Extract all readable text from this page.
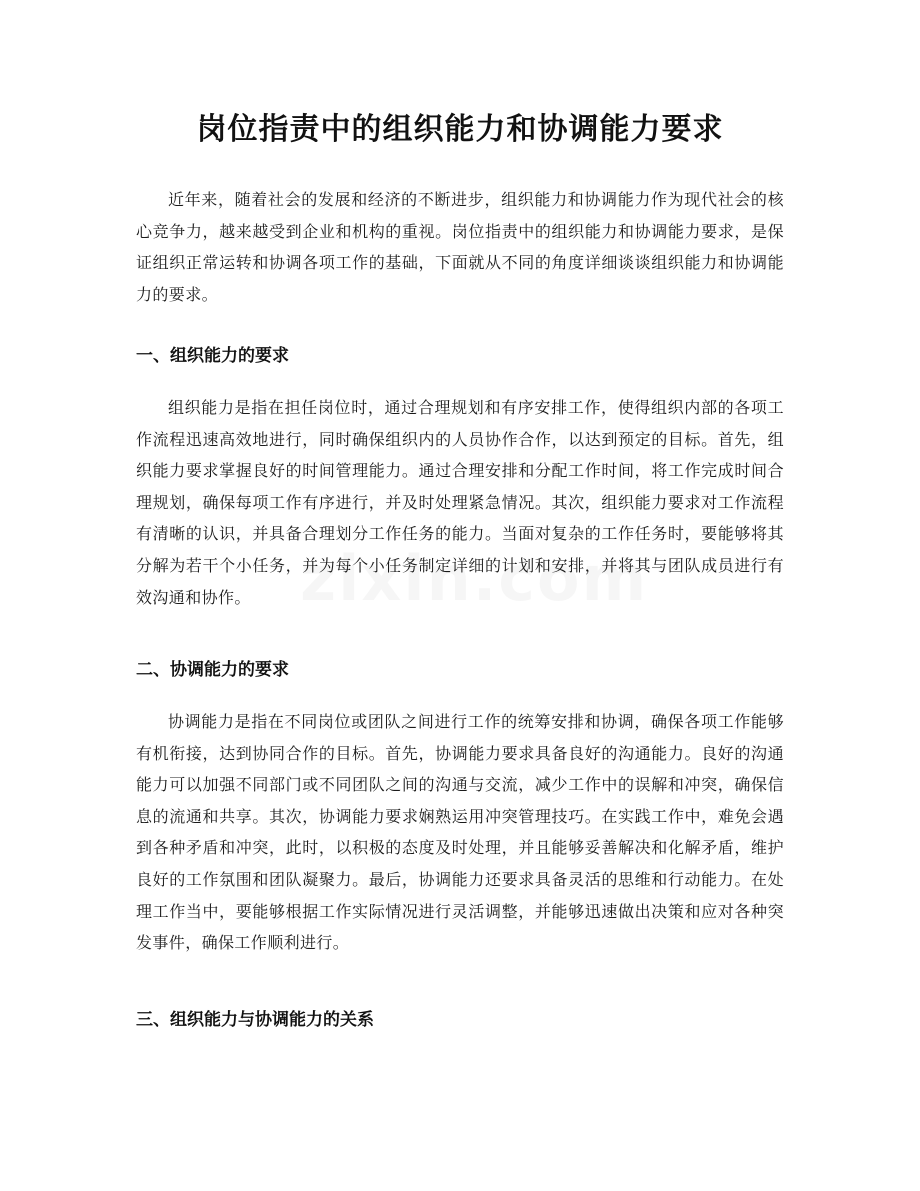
岗位指责中的组织能力和协调能力要求

近年来，随着社会的发展和经济的不断进步，组织能力和协调能力作为现代社会的核心竞争力，越来越受到企业和机构的重视。岗位指责中的组织能力和协调能力要求，是保证组织正常运转和协调各项工作的基础，下面就从不同的角度详细谈谈组织能力和协调能力的要求。

一、组织能力的要求

组织能力是指在担任岗位时，通过合理规划和有序安排工作，使得组织内部的各项工作流程迅速高效地进行，同时确保组织内的人员协作合作，以达到预定的目标。首先，组织能力要求掌握良好的时间管理能力。通过合理安排和分配工作时间，将工作完成时间合理规划，确保每项工作有序进行，并及时处理紧急情况。其次，组织能力要求对工作流程有清晰的认识，并具备合理划分工作任务的能力。当面对复杂的工作任务时，要能够将其分解为若干个小任务，并为每个小任务制定详细的计划和安排，并将其与团队成员进行有效沟通和协作。

二、协调能力的要求

协调能力是指在不同岗位或团队之间进行工作的统筹安排和协调，确保各项工作能够有机衔接，达到协同合作的目标。首先，协调能力要求具备良好的沟通能力。良好的沟通能力可以加强不同部门或不同团队之间的沟通与交流，减少工作中的误解和冲突，确保信息的流通和共享。其次，协调能力要求娴熟运用冲突管理技巧。在实践工作中，难免会遇到各种矛盾和冲突，此时，以积极的态度及时处理，并且能够妥善解决和化解矛盾，维护良好的工作氛围和团队凝聚力。最后，协调能力还要求具备灵活的思维和行动能力。在处理工作当中，要能够根据工作实际情况进行灵活调整，并能够迅速做出决策和应对各种突发事件，确保工作顺利进行。

三、组织能力与协调能力的关系
